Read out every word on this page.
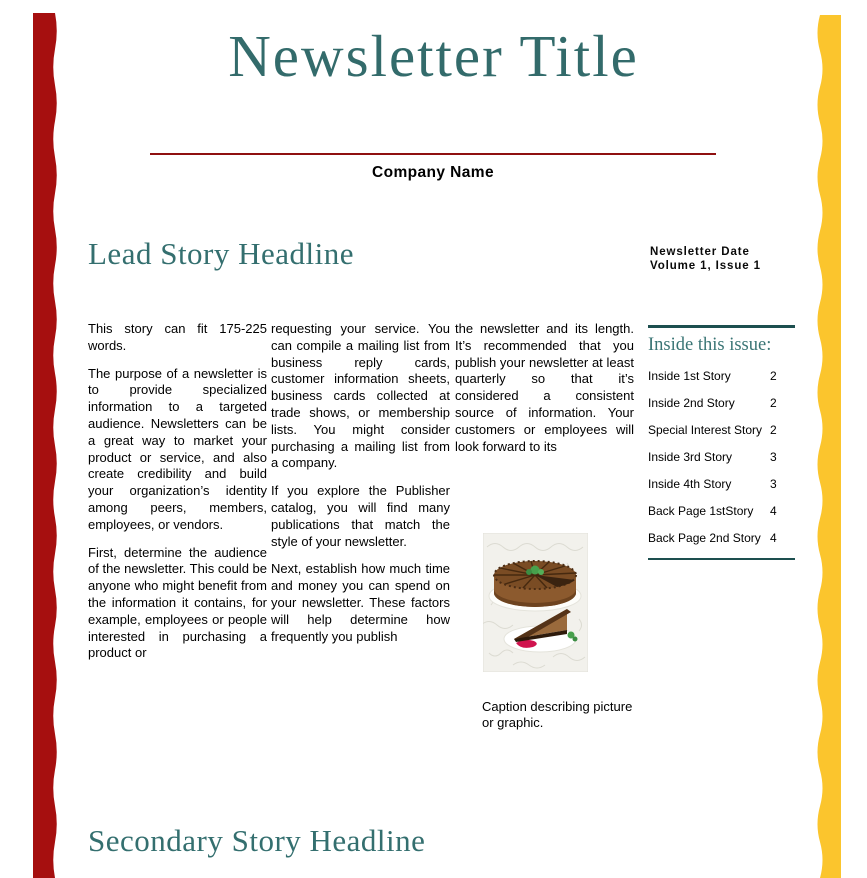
Newsletter Title
Company Name
Lead Story Headline	Newsletter Date
Volume 1, Issue 1

This story can fit 175-225 words.

The purpose of a newsletter is to provide specialized information to a targeted audience. Newsletters can be a great way to market your product or service, and also create credibility and build your organization’s identity among peers, members, employees, or vendors.

First, determine the audience of the newsletter. This could be anyone who might benefit from the information it contains, for example, employees or people interested in purchasing a product or

requesting your service. You can compile a mailing list from business reply cards, customer information sheets, business cards collected at trade shows, or membership lists. You might consider purchasing a mailing list from a company.

If you explore the Publisher catalog, you will find many publications that match the style of your newsletter.

Next, establish how much time and money you can spend on your newsletter. These factors will help determine how frequently you publish

the newsletter and its length. It’s recommended that you publish your newsletter at least quarterly so that it’s considered a consistent source of information. Your customers or employees will look forward to its

Inside this issue:
Inside 1st Story	2
Inside 2nd Story	2
Special Interest Story 2
Inside 3rd Story	3
Inside 4th Story	3
Back Page 1stStory 4
Back Page 2nd Story 4
Caption describing picture or graphic.
Secondary Story Headline
